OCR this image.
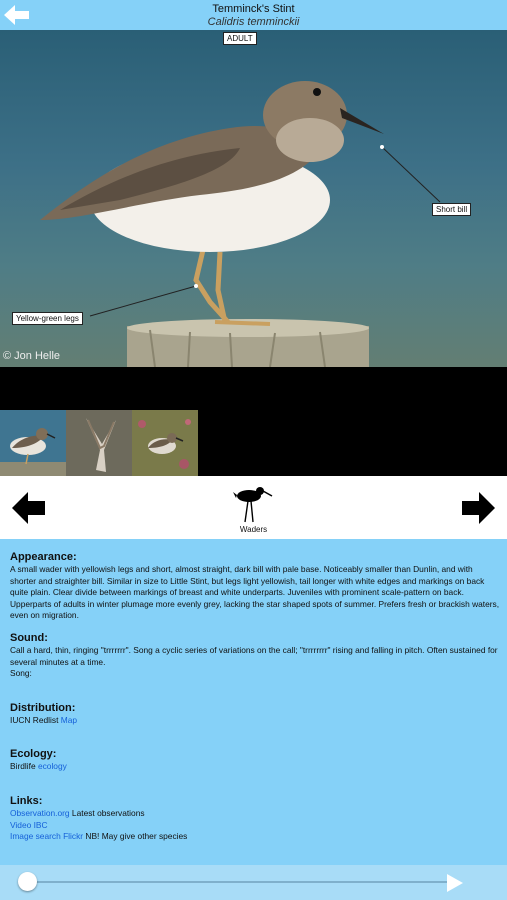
Temminck's Stint
Calidris temminckii
ADULT
Short bill
Yellow-green legs
© Jon Helle
Waders
Appearance:
A small wader with yellowish legs and short, almost straight, dark bill with pale base. Noticeably smaller than Dunlin, and with shorter and straighter bill. Similar in size to Little Stint, but legs light yellowish, tail longer with white edges and markings on back quite plain. Clear divide between markings of breast and white underparts. Juveniles with prominent scale-pattern on back. Upperparts of adults in winter plumage more evenly grey, lacking the star shaped spots of summer. Prefers fresh or brackish waters, even on migration.
Sound:
Call a hard, thin, ringing "trrrrrrr". Song a cyclic series of variations on the call; "trrrrrrrr" rising and falling in pitch. Often sustained for several minutes at a time.
Song:
Distribution:
IUCN Redlist Map
Ecology:
Birdlife ecology
Links:
Observation.org Latest observations
Video IBC
Image search Flickr NB! May give other species
